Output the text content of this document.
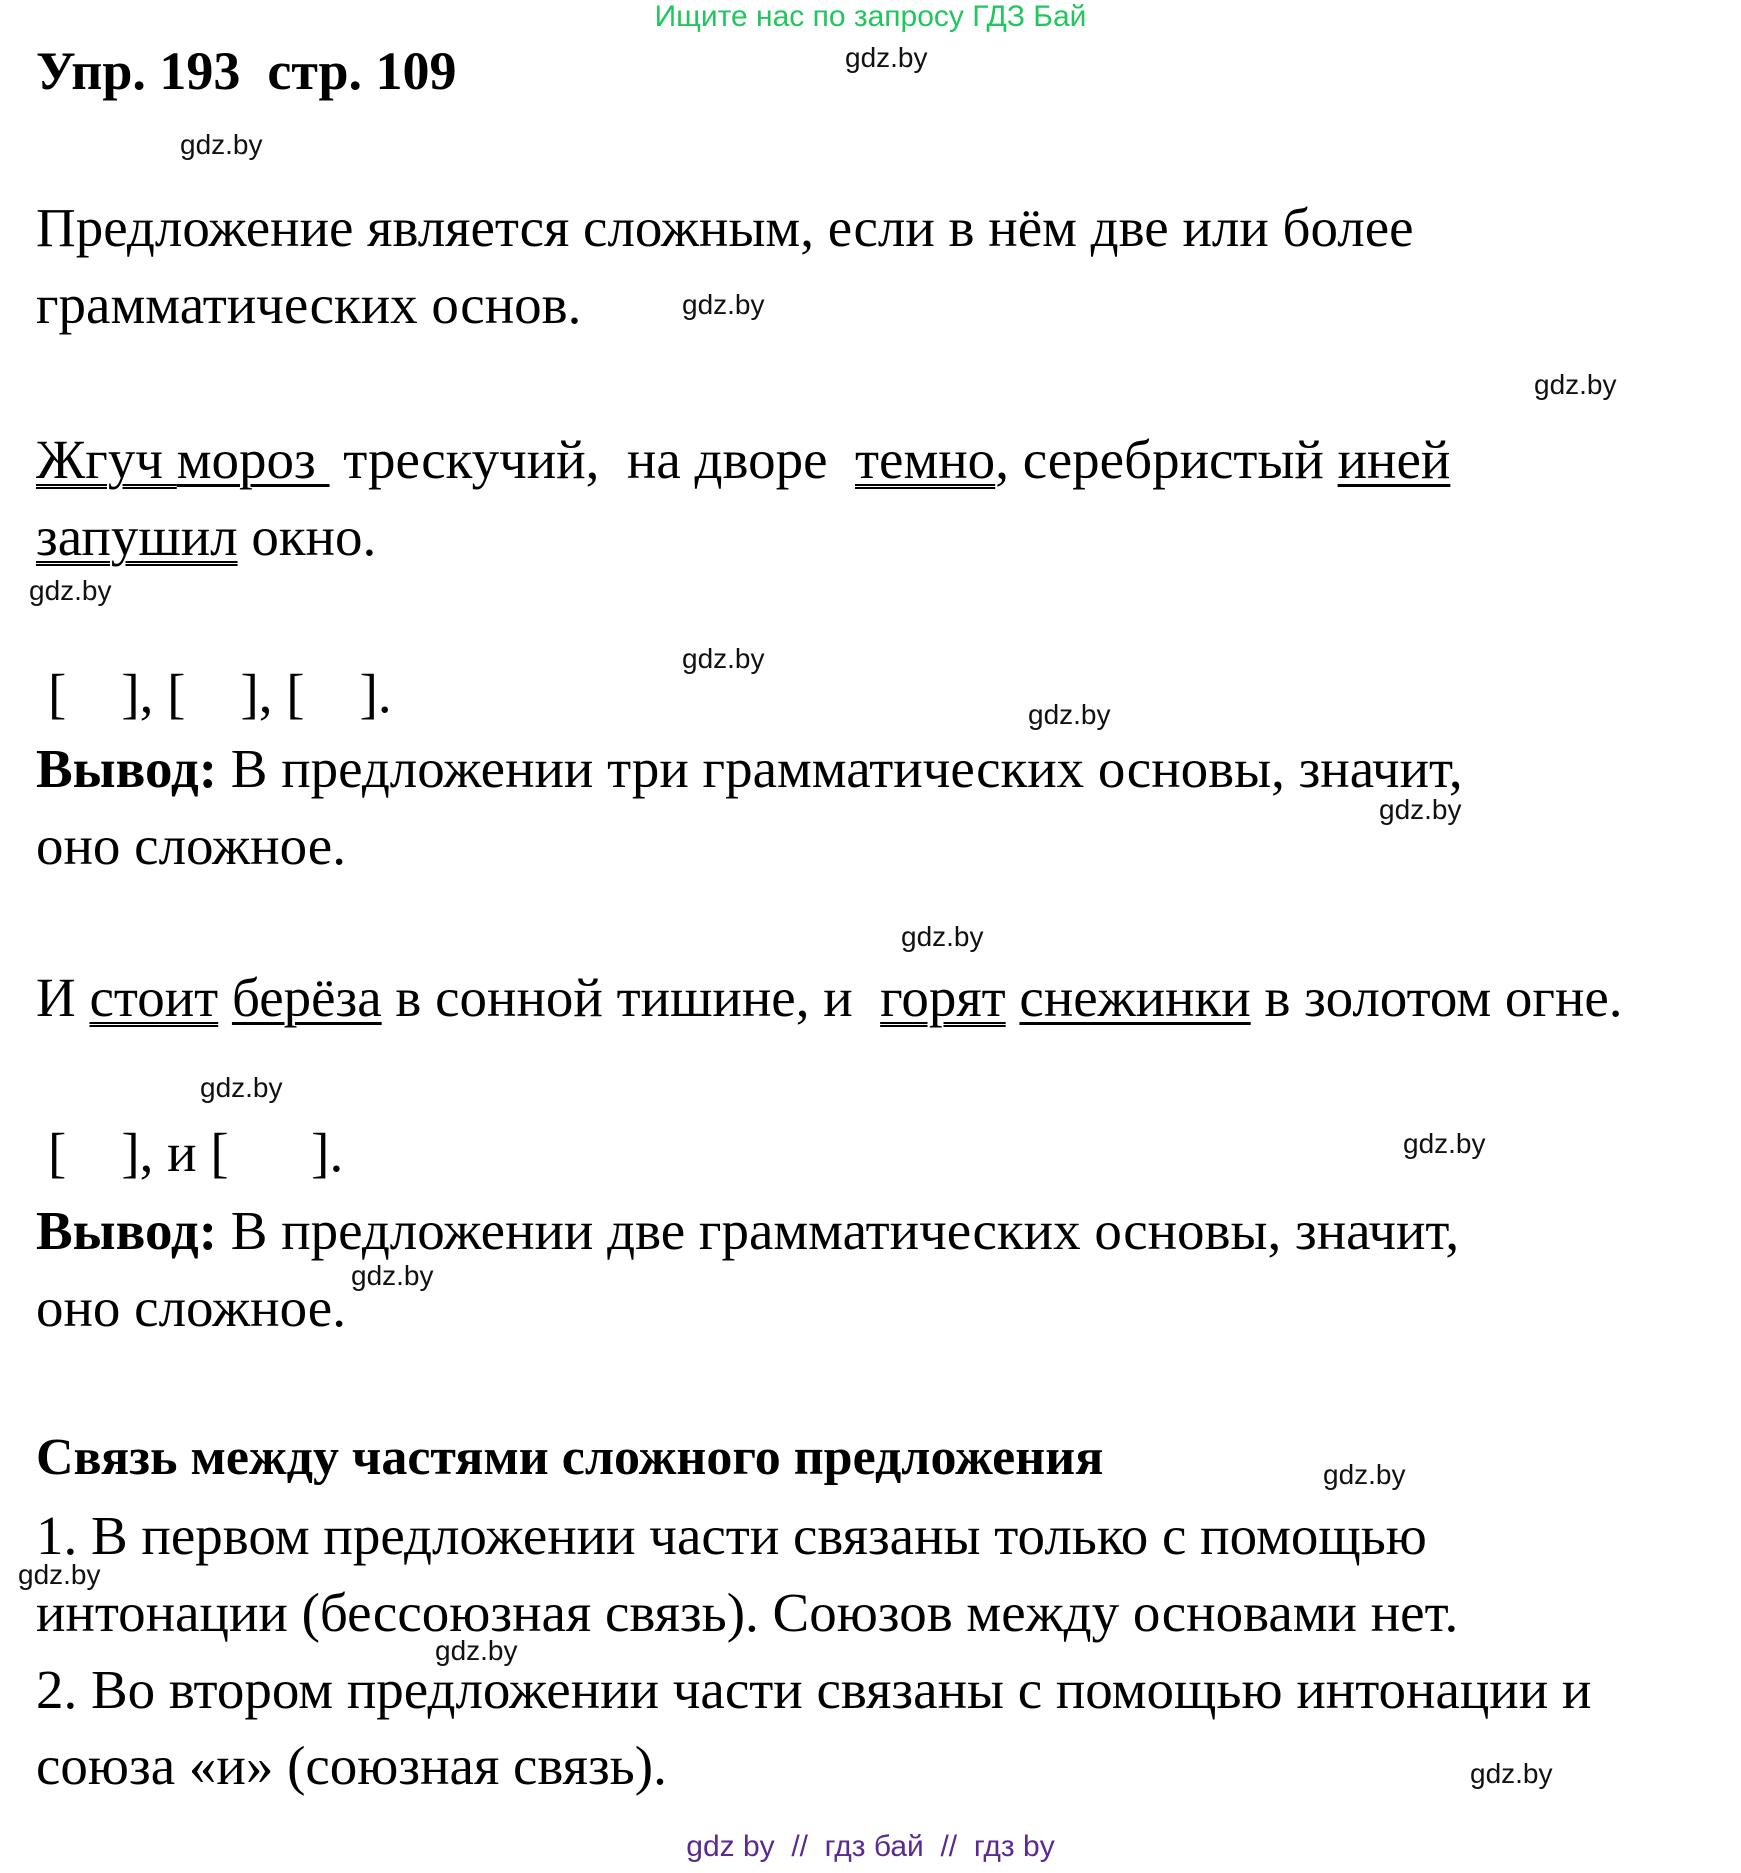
Ищите нас по запросу ГДЗ Бай
Упр. 193  стр. 109
Предложение является сложным, если в нём две или более
грамматических основ.
Жгуч мороз  трескучий,  на дворе  темно, серебристый иней
запушил окно.
[    ], [    ], [    ].
Вывод: В предложении три грамматических основы, значит,
оно сложное.
И стоит берёза в сонной тишине, и  горят снежинки в золотом огне.
[    ], и [      ].
Вывод: В предложении две грамматических основы, значит,
оно сложное.
Связь между частями сложного предложения
1. В первом предложении части связаны только с помощью
интонации (бессоюзная связь). Союзов между основами нет.
2. Во втором предложении части связаны с помощью интонации и
союза «и» (союзная связь).
gdz.by
gdz.by
gdz.by
gdz.by
gdz.by
gdz.by
gdz.by
gdz.by
gdz.by
gdz.by
gdz.by
gdz.by
gdz.by
gdz.by
gdz.by
gdz.by
gdz by  //  гдз бай  //  гдз by
